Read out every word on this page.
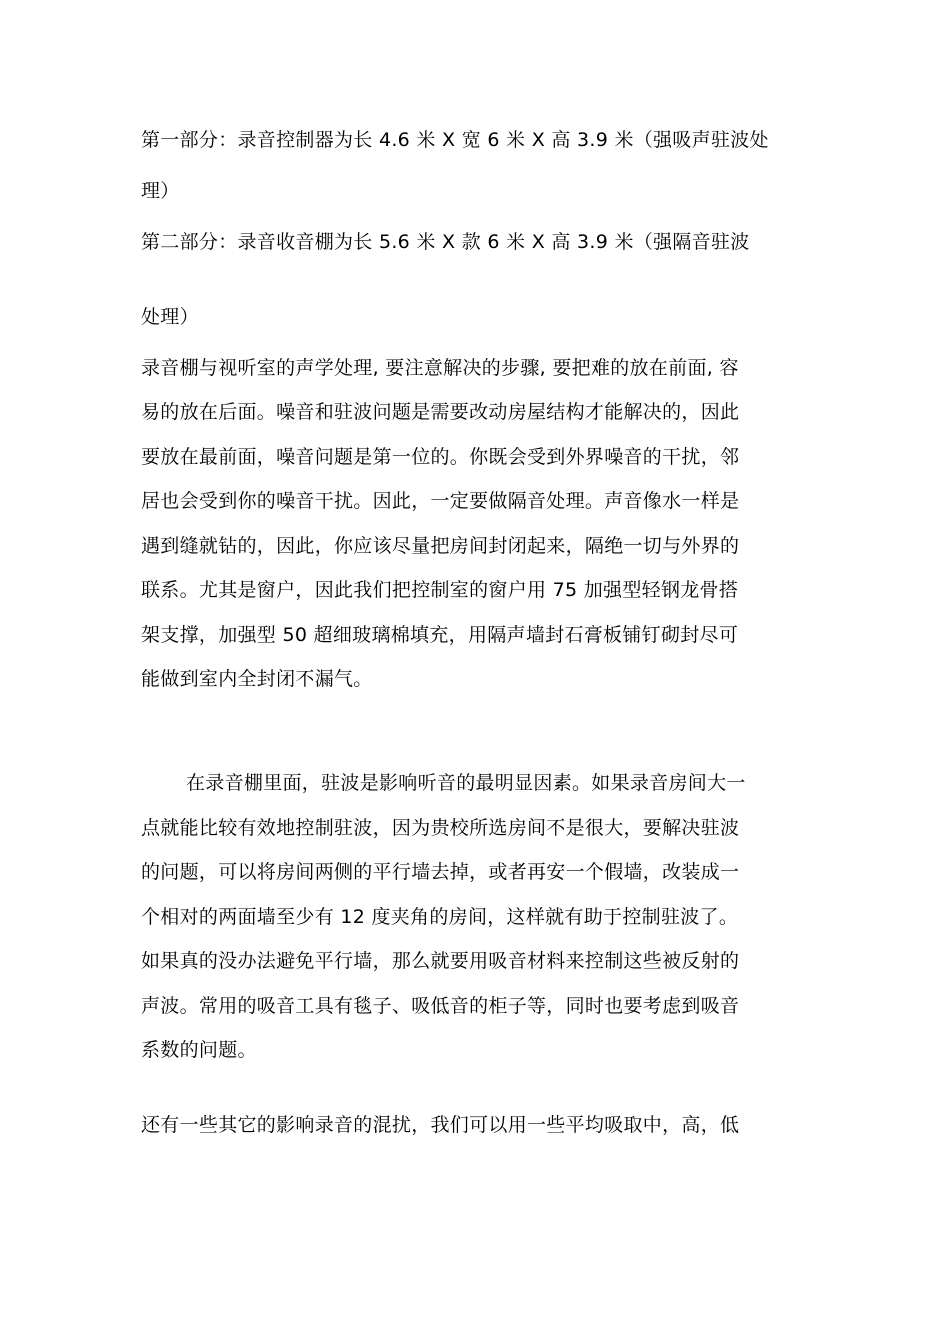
第一部分：录音控制器为长 4.6 米 X 宽 6 米 X 高 3.9 米（强吸声驻波处
理）
第二部分：录音收音棚为长 5.6 米 X 款 6 米 X 高 3.9 米（强隔音驻波
处理）
录音棚与视听室的声学处理, 要注意解决的步骤, 要把难的放在前面, 容
易的放在后面。噪音和驻波问题是需要改动房屋结构才能解决的，因此
要放在最前面，噪音问题是第一位的。你既会受到外界噪音的干扰，邻
居也会受到你的噪音干扰。因此，一定要做隔音处理。声音像水一样是
遇到缝就钻的，因此，你应该尽量把房间封闭起来，隔绝一切与外界的
联系。尤其是窗户，因此我们把控制室的窗户用 75 加强型轻钢龙骨搭
架支撑，加强型 50 超细玻璃棉填充，用隔声墙封石膏板铺钉砌封尽可
能做到室内全封闭不漏气。
在录音棚里面，驻波是影响听音的最明显因素。如果录音房间大一
点就能比较有效地控制驻波，因为贵校所选房间不是很大，要解决驻波
的问题，可以将房间两侧的平行墙去掉，或者再安一个假墙，改装成一
个相对的两面墙至少有 12 度夹角的房间，这样就有助于控制驻波了。
如果真的没办法避免平行墙，那么就要用吸音材料来控制这些被反射的
声波。常用的吸音工具有毯子、吸低音的柜子等，同时也要考虑到吸音
系数的问题。
还有一些其它的影响录音的混扰，我们可以用一些平均吸取中，高，低
